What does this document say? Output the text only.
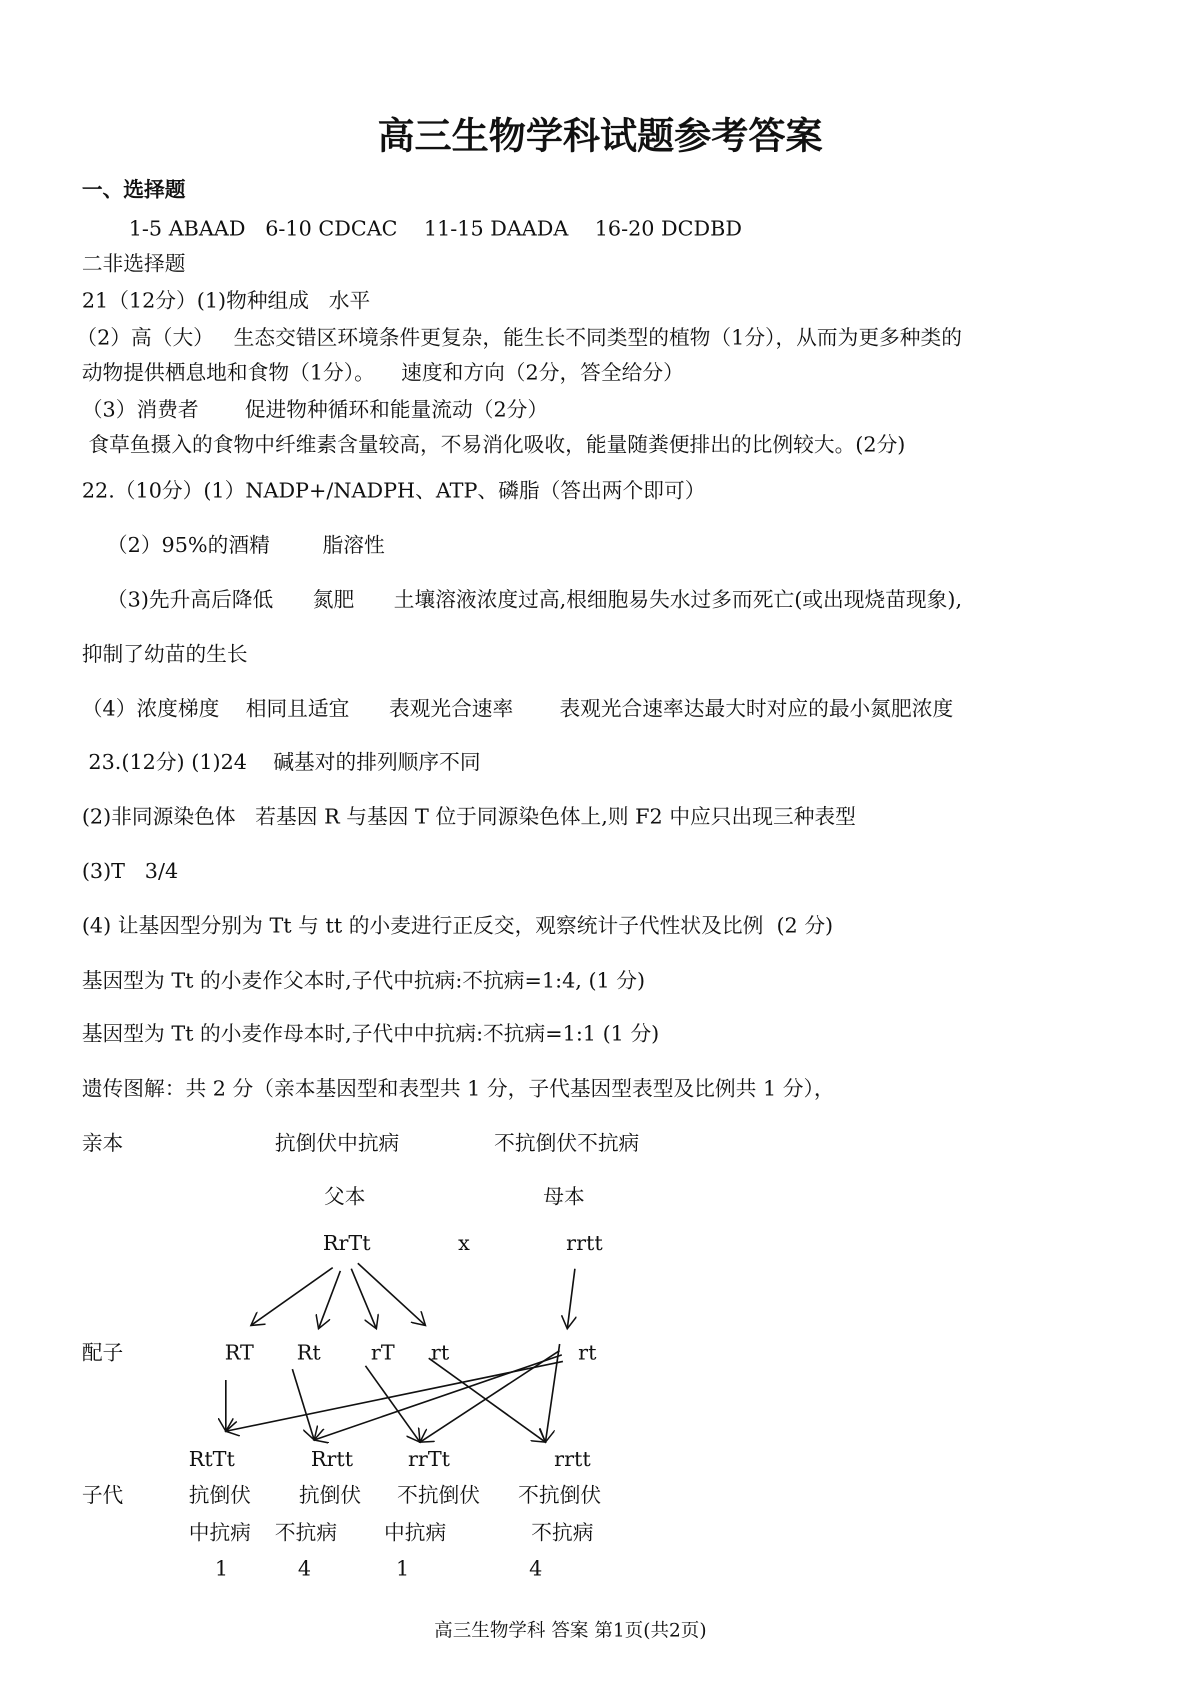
高三生物学科试题参考答案
一、选择题
1-5 ABAAD   6-10 CDCAC    11-15 DAADA    16-20 DCDBD
二非选择题
21（12分）(1)物种组成   水平
（2）高（大）   生态交错区环境条件更复杂，能生长不同类型的植物（1分），从而为更多种类的
动物提供栖息地和食物（1分）。    速度和方向（2分，答全给分）
（3）消费者       促进物种循环和能量流动（2分）
食草鱼摄入的食物中纤维素含量较高，不易消化吸收，能量随粪便排出的比例较大。(2分)
22.（10分）(1）NADP+/NADPH、ATP、磷脂（答出两个即可）
（2）95%的酒精        脂溶性
（3)先升高后降低      氮肥      土壤溶液浓度过高,根细胞易失水过多而死亡(或出现烧苗现象),
抑制了幼苗的生长
（4）浓度梯度    相同且适宜      表观光合速率       表观光合速率达最大时对应的最小氮肥浓度
23.(12分) (1)24    碱基对的排列顺序不同
(2)非同源染色体   若基因 R 与基因 T 位于同源染色体上,则 F2 中应只出现三种表型
(3)T   3/4
(4) 让基因型分别为 Tt 与 tt 的小麦进行正反交，观察统计子代性状及比例  (2 分)
基因型为 Tt 的小麦作父本时,子代中抗病:不抗病=1:4, (1 分)
基因型为 Tt 的小麦作母本时,子代中中抗病:不抗病=1:1 (1 分)
遗传图解：共 2 分（亲本基因型和表型共 1 分，子代基因型表型及比例共 1 分），
亲本	抗倒伏中抗病	不抗倒伏不抗病
父本	母本
RrTt	x	rrtt
配子	RT Rt	rT rt	rt
RtTt	Rrtt	rrTt	rrtt
子代	抗倒伏	抗倒伏 不抗倒伏 不抗倒伏
中抗病 不抗病 中抗病	不抗病
1	4	1	4
高三生物学科 答案 第1页(共2页)
